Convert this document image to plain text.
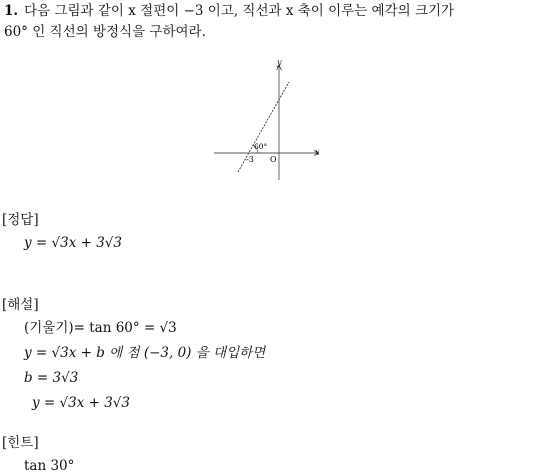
1. 다음 그림과 같이 x 절편이 −3 이고, 직선과 x 축이 이루는 예각의 크기가
60° 인 직선의 방정식을 구하여라.
y
x
O
-3
60°
[정답]
y = √3x + 3√3
[해설]
(기울기)= tan 60° = √3
y = √3x + b 에 점 (−3, 0) 을 대입하면
b = 3√3
y = √3x + 3√3
[힌트]
tan 30°
